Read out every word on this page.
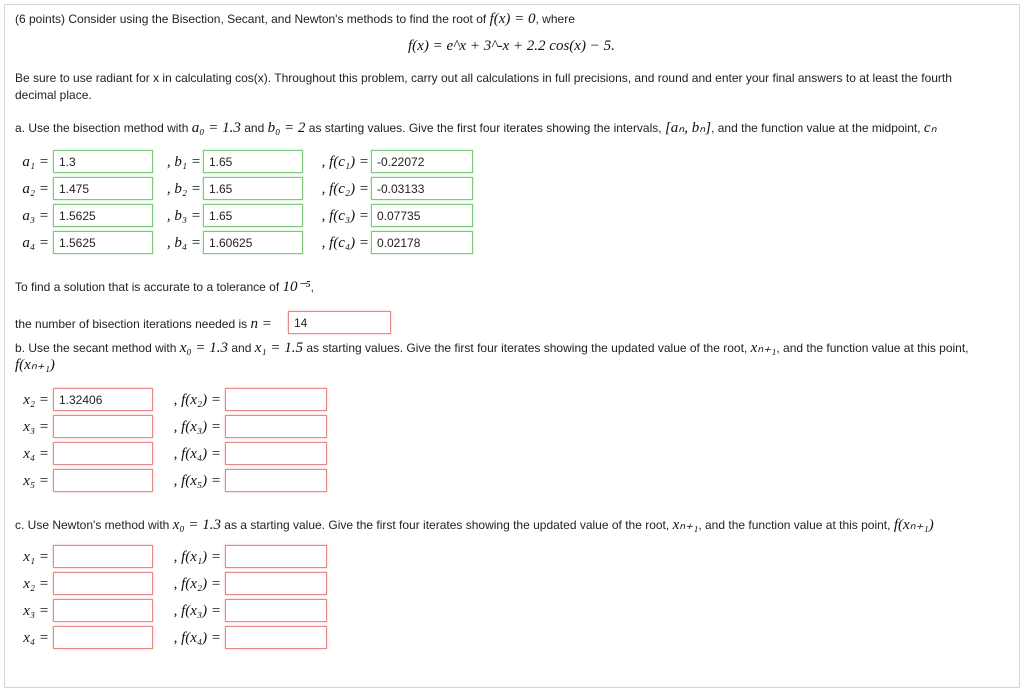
(6 points) Consider using the Bisection, Secant, and Newton's methods to find the root of f(x) = 0, where
f(x) = e^x + 3^-x + 2.2 cos(x) − 5.
Be sure to use radiant for x in calculating cos(x). Throughout this problem, carry out all calculations in full precisions, and round and enter your final answers to at least the fourth
decimal place.
a. Use the bisection method with a₀ = 1.3 and b₀ = 2 as starting values. Give the first four iterates showing the intervals, [aₙ, bₙ], and the function value at the midpoint, cₙ
a₁ = 1.3	, b₁ = 1.65	, f(c₁) = -0.22072
a₂ = 1.475	, b₂ = 1.65	, f(c₂) = -0.03133
a₃ = 1.5625	, b₃ = 1.65	, f(c₃) = 0.07735
a₄ = 1.5625	, b₄ = 1.60625	, f(c₄) = 0.02178
To find a solution that is accurate to a tolerance of 10⁻⁵,
the number of bisection iterations needed is n =	14
b. Use the secant method with x₀ = 1.3 and x₁ = 1.5 as starting values. Give the first four iterates showing the updated value of the root, xₙ₊₁, and the function value at this point,
f(xₙ₊₁)
x₂ = 1.32406	, f(x₂) =
x₃ =	, f(x₃) =
x₄ =	, f(x₄) =
x₅ =	, f(x₅) =
c. Use Newton's method with x₀ = 1.3 as a starting value. Give the first four iterates showing the updated value of the root, xₙ₊₁, and the function value at this point, f(xₙ₊₁)
x₁ =	, f(x₁) =
x₂ =	, f(x₂) =
x₃ =	, f(x₃) =
x₄ =	, f(x₄) =
